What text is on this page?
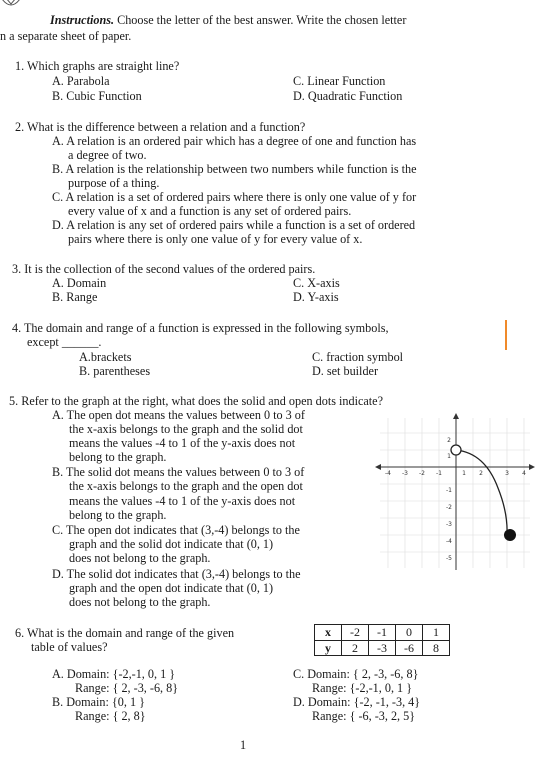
Instructions. Choose the letter of the best answer. Write the chosen letter
n a separate sheet of paper.
1. Which graphs are straight line?
A. Parabola
B. Cubic Function
C. Linear Function
D. Quadratic Function
2. What is the difference between a relation and a function?
A. A relation is an ordered pair which has a degree of one and function has
a degree of two.
B. A relation is the relationship between two numbers while function is the
purpose of a thing.
C. A relation is a set of ordered pairs where there is only one value of y for
every value of x and a function is any set of ordered pairs.
D. A relation is any set of ordered pairs while a function is a set of ordered
pairs where there is only one value of y for every value of x.
3. It is the collection of the second values of the ordered pairs.
A. Domain
B. Range
C. X-axis
D. Y-axis
4. The domain and range of a function is expressed in the following symbols,
except ______.
A.brackets
B. parentheses
C. fraction symbol
D. set builder
5. Refer to the graph at the right, what does the solid and open dots indicate?
A. The open dot means the values between 0 to 3 of
the x-axis belongs to the graph and the solid dot
means the values -4 to 1 of the y-axis does not
belong to the graph.
B. The solid dot means the values between 0 to 3 of
the x-axis belongs to the graph and the open dot
means the values -4 to 1 of the y-axis does not
belong to the graph.
C. The open dot indicates that (3,-4) belongs to the
graph and the solid dot indicate that (0, 1)
does not belong to the graph.
D. The solid dot indicates that (3,-4) belongs to the
graph and the open dot indicate that (0, 1)
does not belong to the graph.
-4 -3 -2 -1	1 2	3 4
2
1
-1
-2
-3
-4
-5
6. What is the domain and range of the given
table of values?
x	-2	-1	0	1
y	2	-3	-6	8
A. Domain: {-2,-1, 0, 1 }
Range: { 2, -3, -6, 8}
B. Domain: {0, 1 }
Range: { 2, 8}
C. Domain: { 2, -3, -6, 8}
Range: {-2,-1, 0, 1 }
D. Domain: {-2, -1, -3, 4}
Range: { -6, -3, 2, 5}
1
